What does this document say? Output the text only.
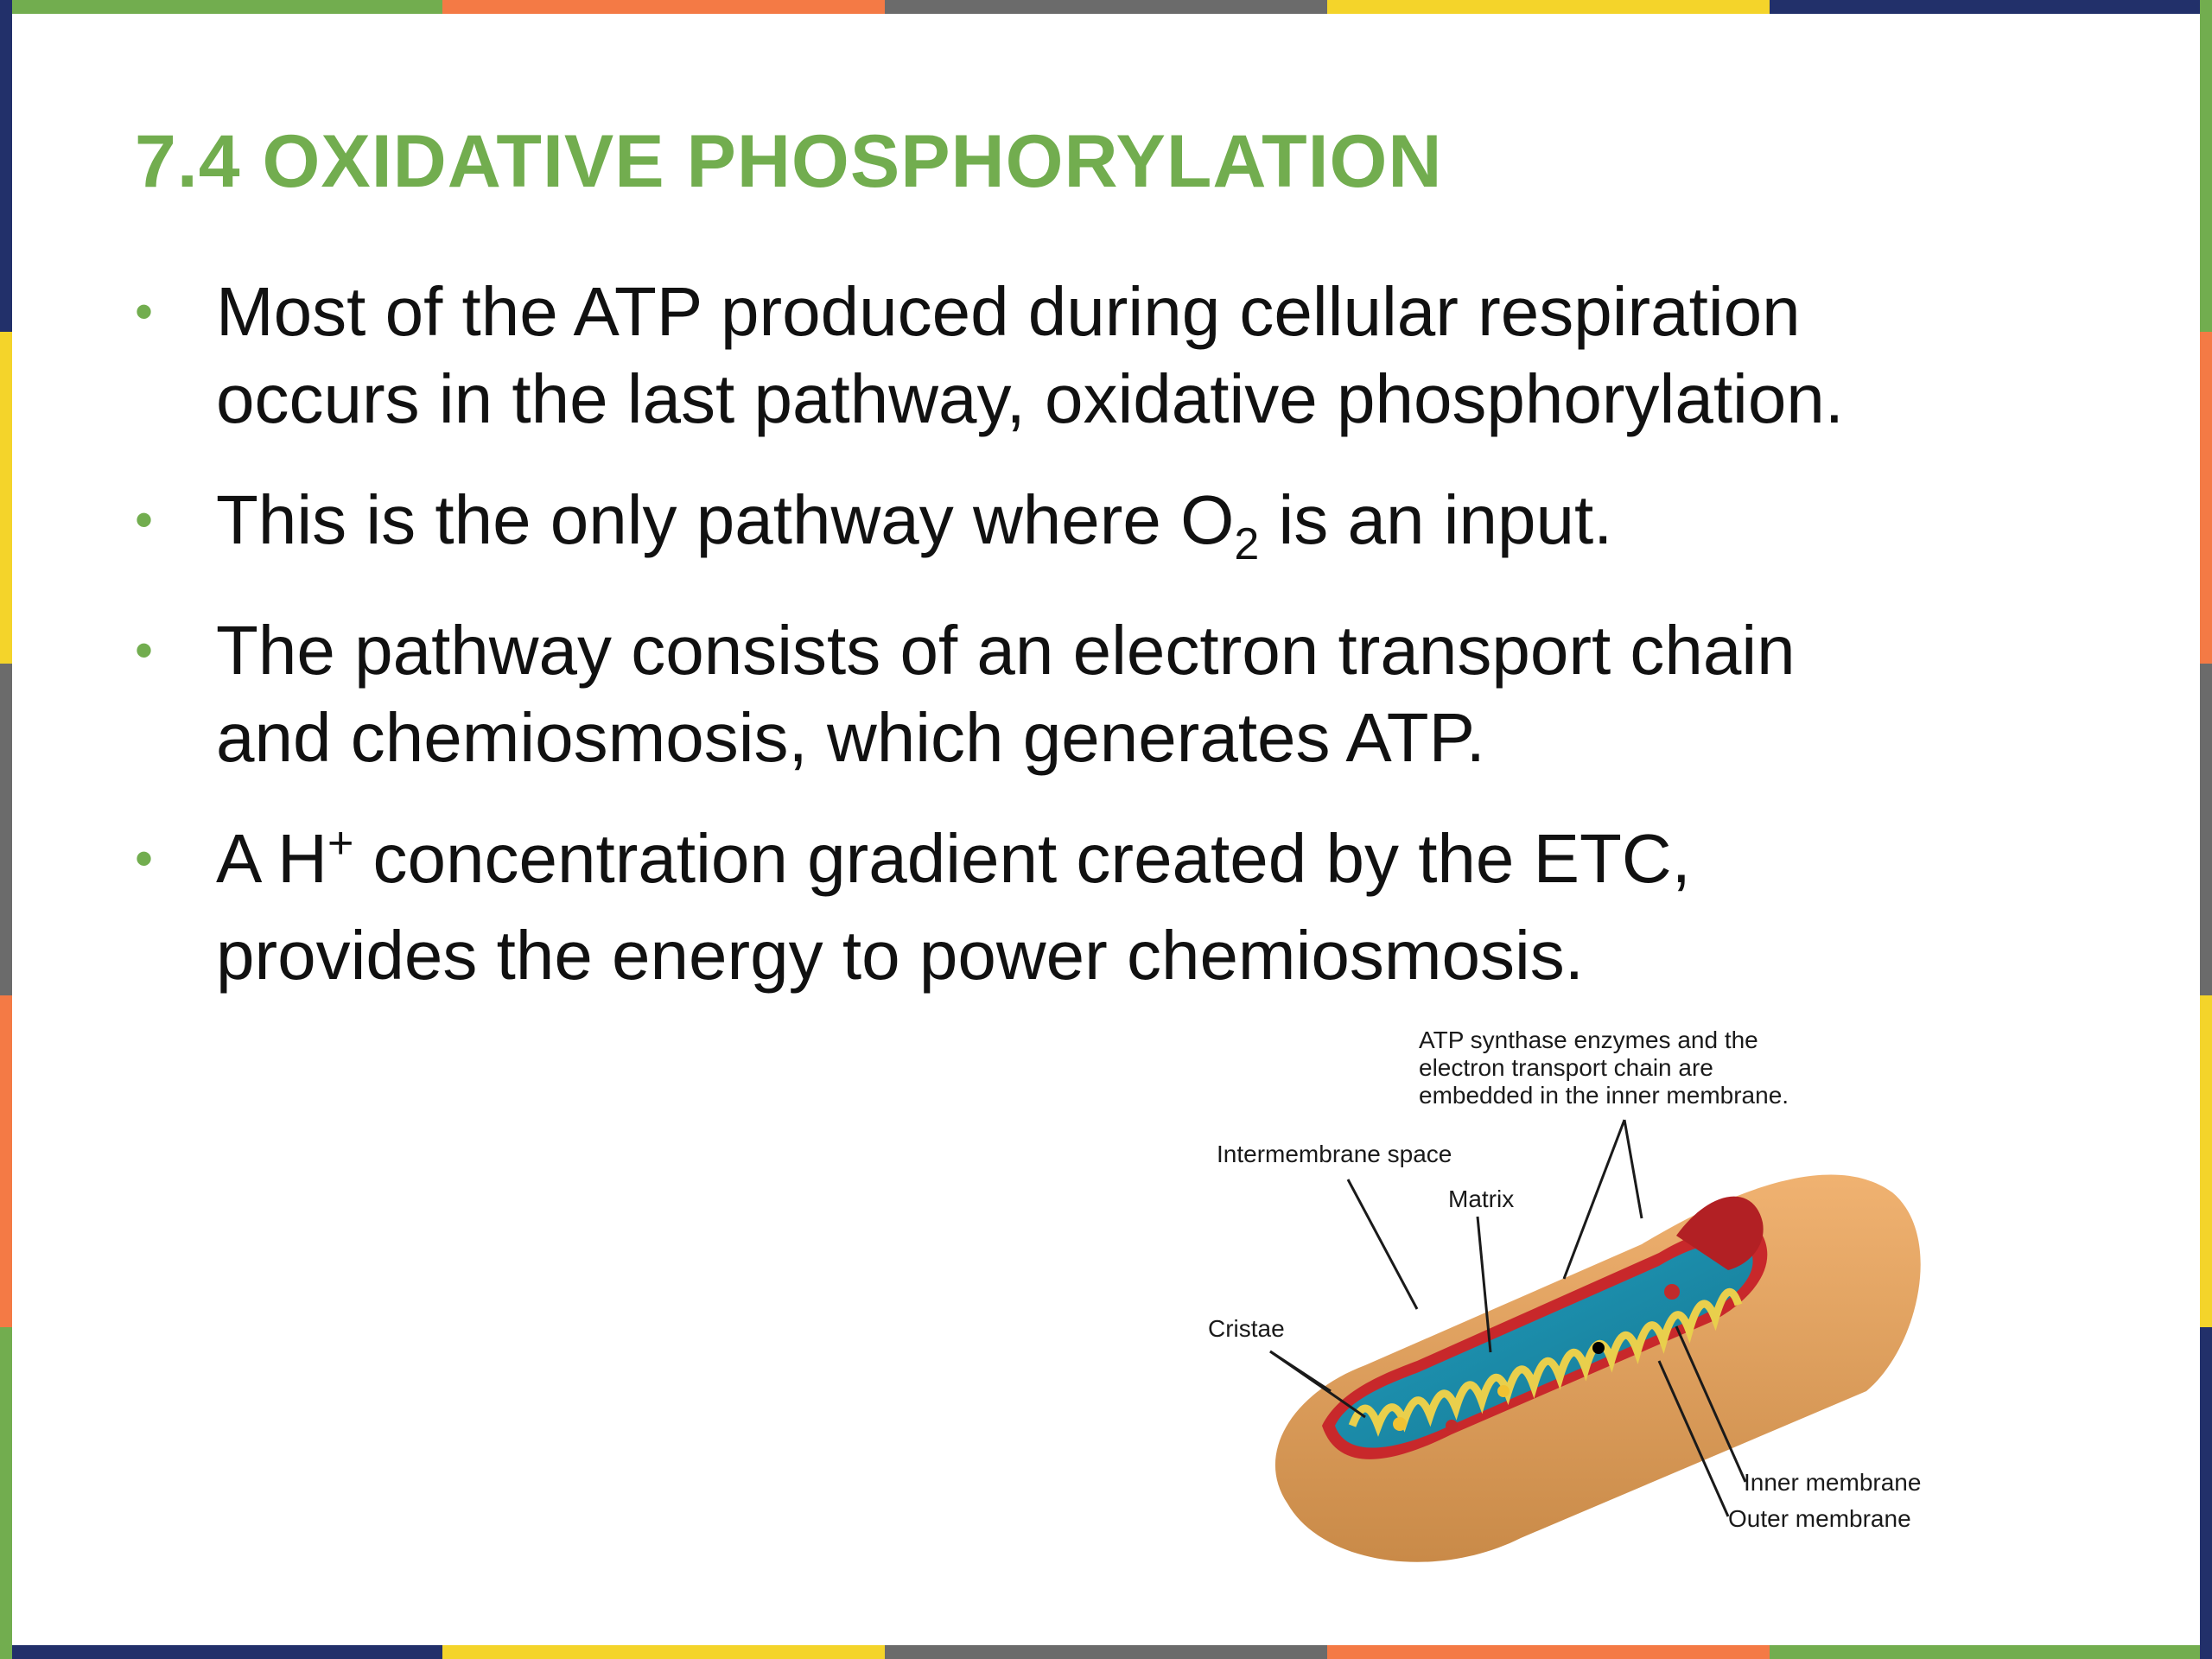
7.4 OXIDATIVE PHOSPHORYLATION
• Most of the ATP produced during cellular respiration
occurs in the last pathway, oxidative phosphorylation.
• This is the only pathway where $O_2$ is an input.
• The pathway consists of an electron transport chain
and chemiosmosis, which generates ATP.
• A H+ concentration gradient created by the ETC,
provides the energy to power chemiosmosis.
ATP synthase enzymes and the
electron transport chain are
embedded in the inner membrane.
Intermembrane space
Matrix
Cristae
Inner membrane
Outer membrane
